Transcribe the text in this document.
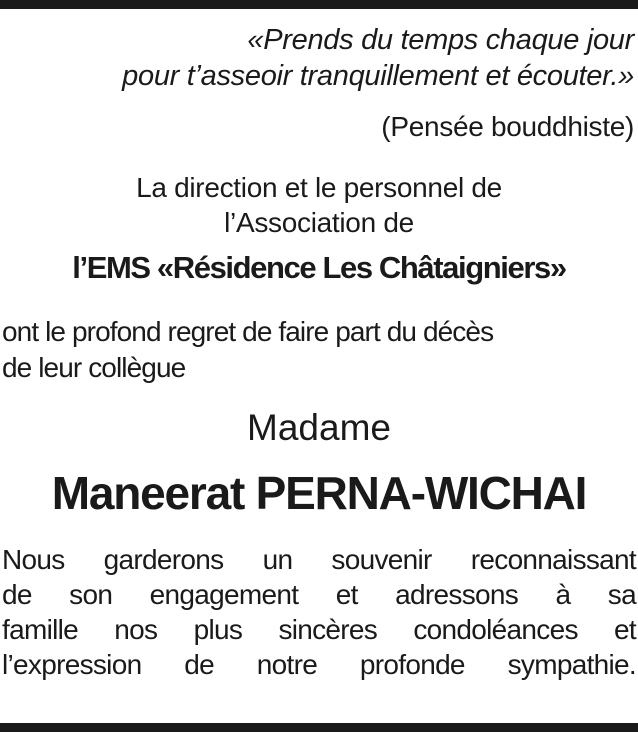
«Prends du temps chaque jour
pour t’asseoir tranquillement et écouter.»
(Pensée bouddhiste)
La direction et le personnel de
l’Association de
l’EMS «Résidence Les Châtaigniers»
ont le profond regret de faire part du décès
de leur collègue
Madame
Maneerat PERNA-WICHAI
Nous garderons un souvenir reconnaissant
de son engagement et adressons à sa
famille nos plus sincères condoléances et
l’expression de notre profonde sympathie.
